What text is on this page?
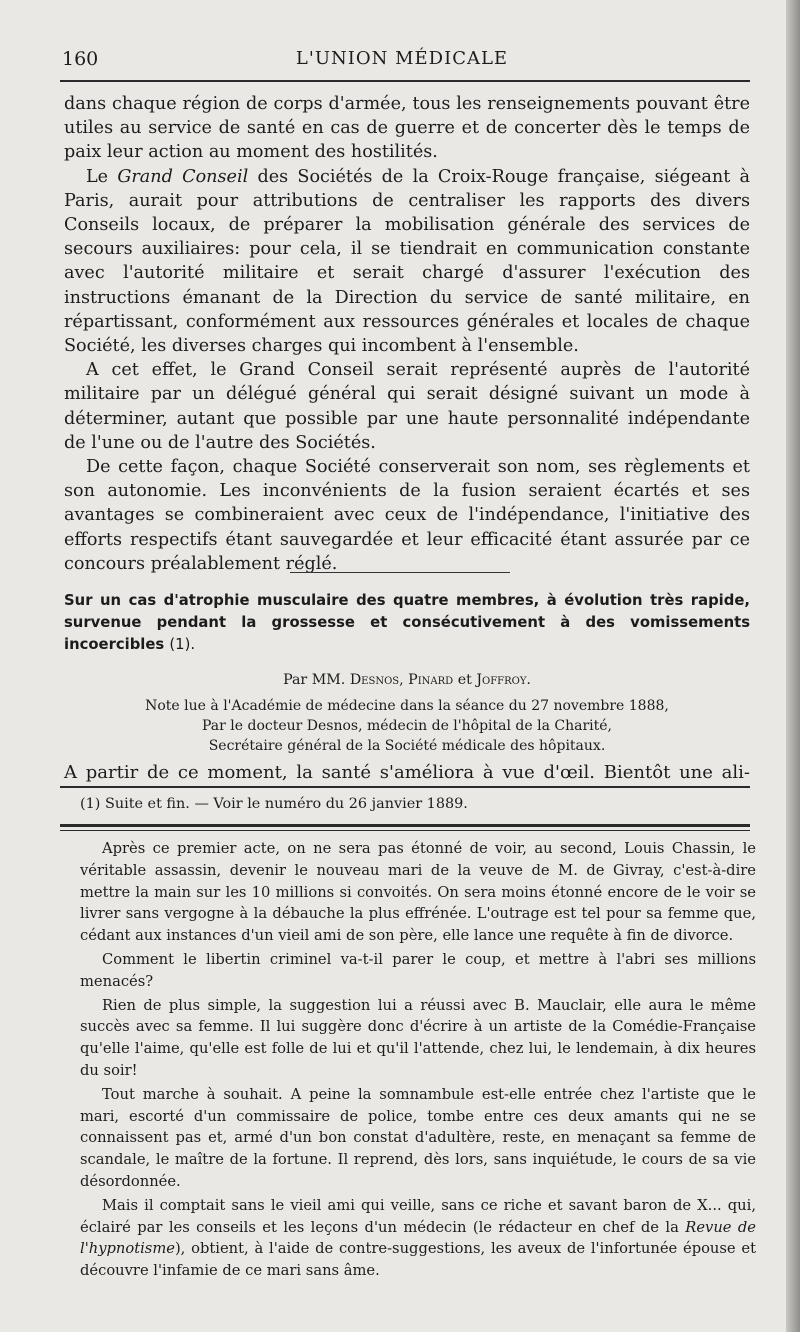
160	L'UNION MÉDICALE

dans chaque région de corps d'armée, tous les renseignements pouvant être utiles au service de santé en cas de guerre et de concerter dès le temps de paix leur action au moment des hostilités.

Le Grand Conseil des Sociétés de la Croix-Rouge française, siégeant à Paris, aurait pour attributions de centraliser les rapports des divers Conseils locaux, de préparer la mobilisation générale des services de secours auxiliaires: pour cela, il se tiendrait en communication constante avec l'autorité militaire et serait chargé d'assurer l'exécution des instructions émanant de la Direction du service de santé militaire, en répartissant, conformément aux ressources générales et locales de chaque Société, les diverses charges qui incombent à l'ensemble.

A cet effet, le Grand Conseil serait représenté auprès de l'autorité militaire par un délégué général qui serait désigné suivant un mode à déterminer, autant que possible par une haute personnalité indépendante de l'une ou de l'autre des Sociétés.

De cette façon, chaque Société conserverait son nom, ses règlements et son autonomie. Les inconvénients de la fusion seraient écartés et ses avantages se combineraient avec ceux de l'indépendance, l'initiative des efforts respectifs étant sauvegardée et leur efficacité étant assurée par ce concours préalablement réglé.

Sur un cas d'atrophie musculaire des quatre membres, à évolution très rapide, survenue pendant la grossesse et consécutivement à des vomissements incoercibles (1).

Par MM. Desnos, Pinard et Joffroy.

Note lue à l'Académie de médecine dans la séance du 27 novembre 1888,

Par le docteur Desnos, médecin de l'hôpital de la Charité,

Secrétaire général de la Société médicale des hôpitaux.

A partir de ce moment, la santé s'améliora à vue d'œil. Bientôt une ali-

(1) Suite et fin. — Voir le numéro du 26 janvier 1889.

Après ce premier acte, on ne sera pas étonné de voir, au second, Louis Chassin, le véritable assassin, devenir le nouveau mari de la veuve de M. de Givray, c'est-à-dire mettre la main sur les 10 millions si convoités. On sera moins étonné encore de le voir se livrer sans vergogne à la débauche la plus effrénée. L'outrage est tel pour sa femme que, cédant aux instances d'un vieil ami de son père, elle lance une requête à fin de divorce.

Comment le libertin criminel va-t-il parer le coup, et mettre à l'abri ses millions menacés?

Rien de plus simple, la suggestion lui a réussi avec B. Mauclair, elle aura le même succès avec sa femme. Il lui suggère donc d'écrire à un artiste de la Comédie-Française qu'elle l'aime, qu'elle est folle de lui et qu'il l'attende, chez lui, le lendemain, à dix heures du soir!

Tout marche à souhait. A peine la somnambule est-elle entrée chez l'artiste que le mari, escorté d'un commissaire de police, tombe entre ces deux amants qui ne se connaissent pas et, armé d'un bon constat d'adultère, reste, en menaçant sa femme de scandale, le maître de la fortune. Il reprend, dès lors, sans inquiétude, le cours de sa vie désordonnée.

Mais il comptait sans le vieil ami qui veille, sans ce riche et savant baron de X... qui, éclairé par les conseils et les leçons d'un médecin (le rédacteur en chef de la Revue de l'hypnotisme), obtient, à l'aide de contre-suggestions, les aveux de l'infortunée épouse et découvre l'infamie de ce mari sans âme.
